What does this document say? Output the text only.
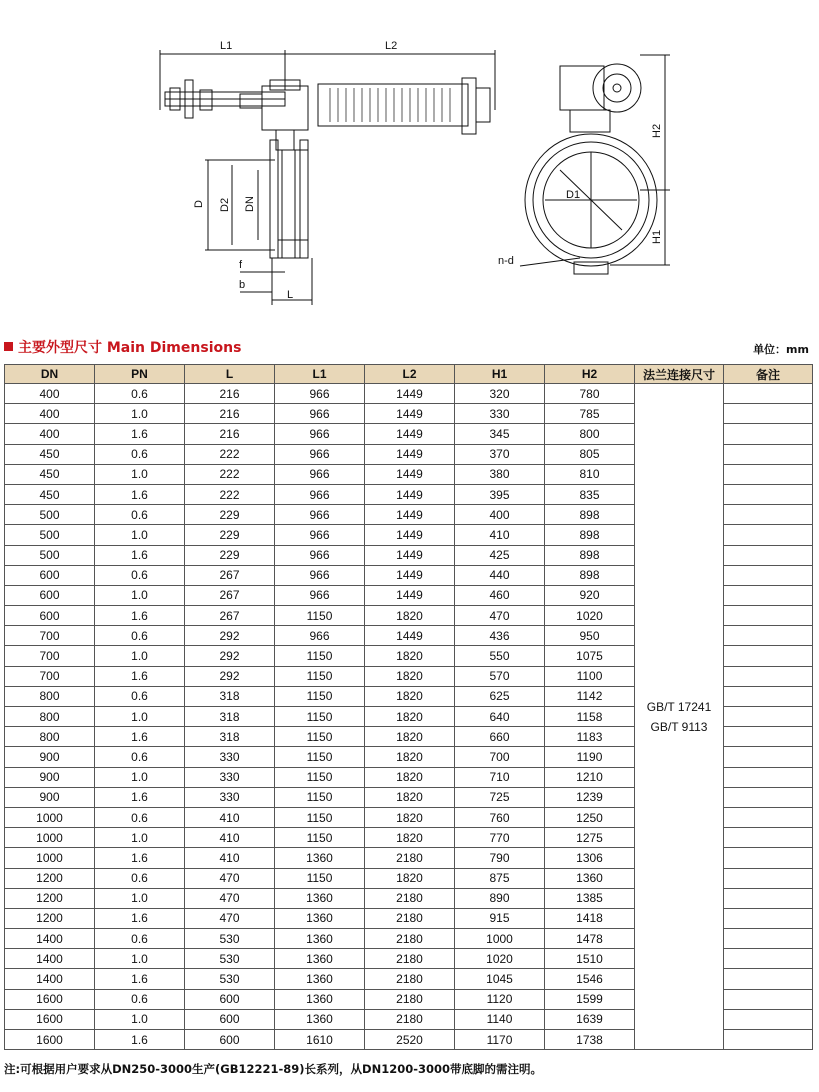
L1	L2
D D2 DN
f
b
L
H2
H1
D1
n-d
主要外型尺寸 Main Dimensions	单位：mm
DN	PN	L	L1	L2	H1	H2	法兰连接尺寸	备注
400	0.6	216	966	1449	320	780	GB/T 17241
GB/T 9113	

400	1.0	216	966	1449	330	785		
400	1.6	216	966	1449	345	800		
450	0.6	222	966	1449	370	805		
450	1.0	222	966	1449	380	810		
450	1.6	222	966	1449	395	835		
500	0.6	229	966	1449	400	898		
500	1.0	229	966	1449	410	898		
500	1.6	229	966	1449	425	898		
600	0.6	267	966	1449	440	898		
600	1.0	267	966	1449	460	920		
600	1.6	267	1150	1820	470	1020		
700	0.6	292	966	1449	436	950		
700	1.0	292	1150	1820	550	1075		
700	1.6	292	1150	1820	570	1100		
800	0.6	318	1150	1820	625	1142		
800	1.0	318	1150	1820	640	1158		
800	1.6	318	1150	1820	660	1183		
900	0.6	330	1150	1820	700	1190		
900	1.0	330	1150	1820	710	1210		
900	1.6	330	1150	1820	725	1239		
1000	0.6	410	1150	1820	760	1250		
1000	1.0	410	1150	1820	770	1275		
1000	1.6	410	1360	2180	790	1306		
1200	0.6	470	1150	1820	875	1360		
1200	1.0	470	1360	2180	890	1385		
1200	1.6	470	1360	2180	915	1418		
1400	0.6	530	1360	2180	1000	1478		
1400	1.0	530	1360	2180	1020	1510		
1400	1.6	530	1360	2180	1045	1546		
1600	0.6	600	1360	2180	1120	1599		
1600	1.0	600	1360	2180	1140	1639		
1600	1.6	600	1610	2520	1170	1738		
注:可根据用户要求从DN250-3000生产(GB12221-89)长系列，从DN1200-3000带底脚的需注明。
